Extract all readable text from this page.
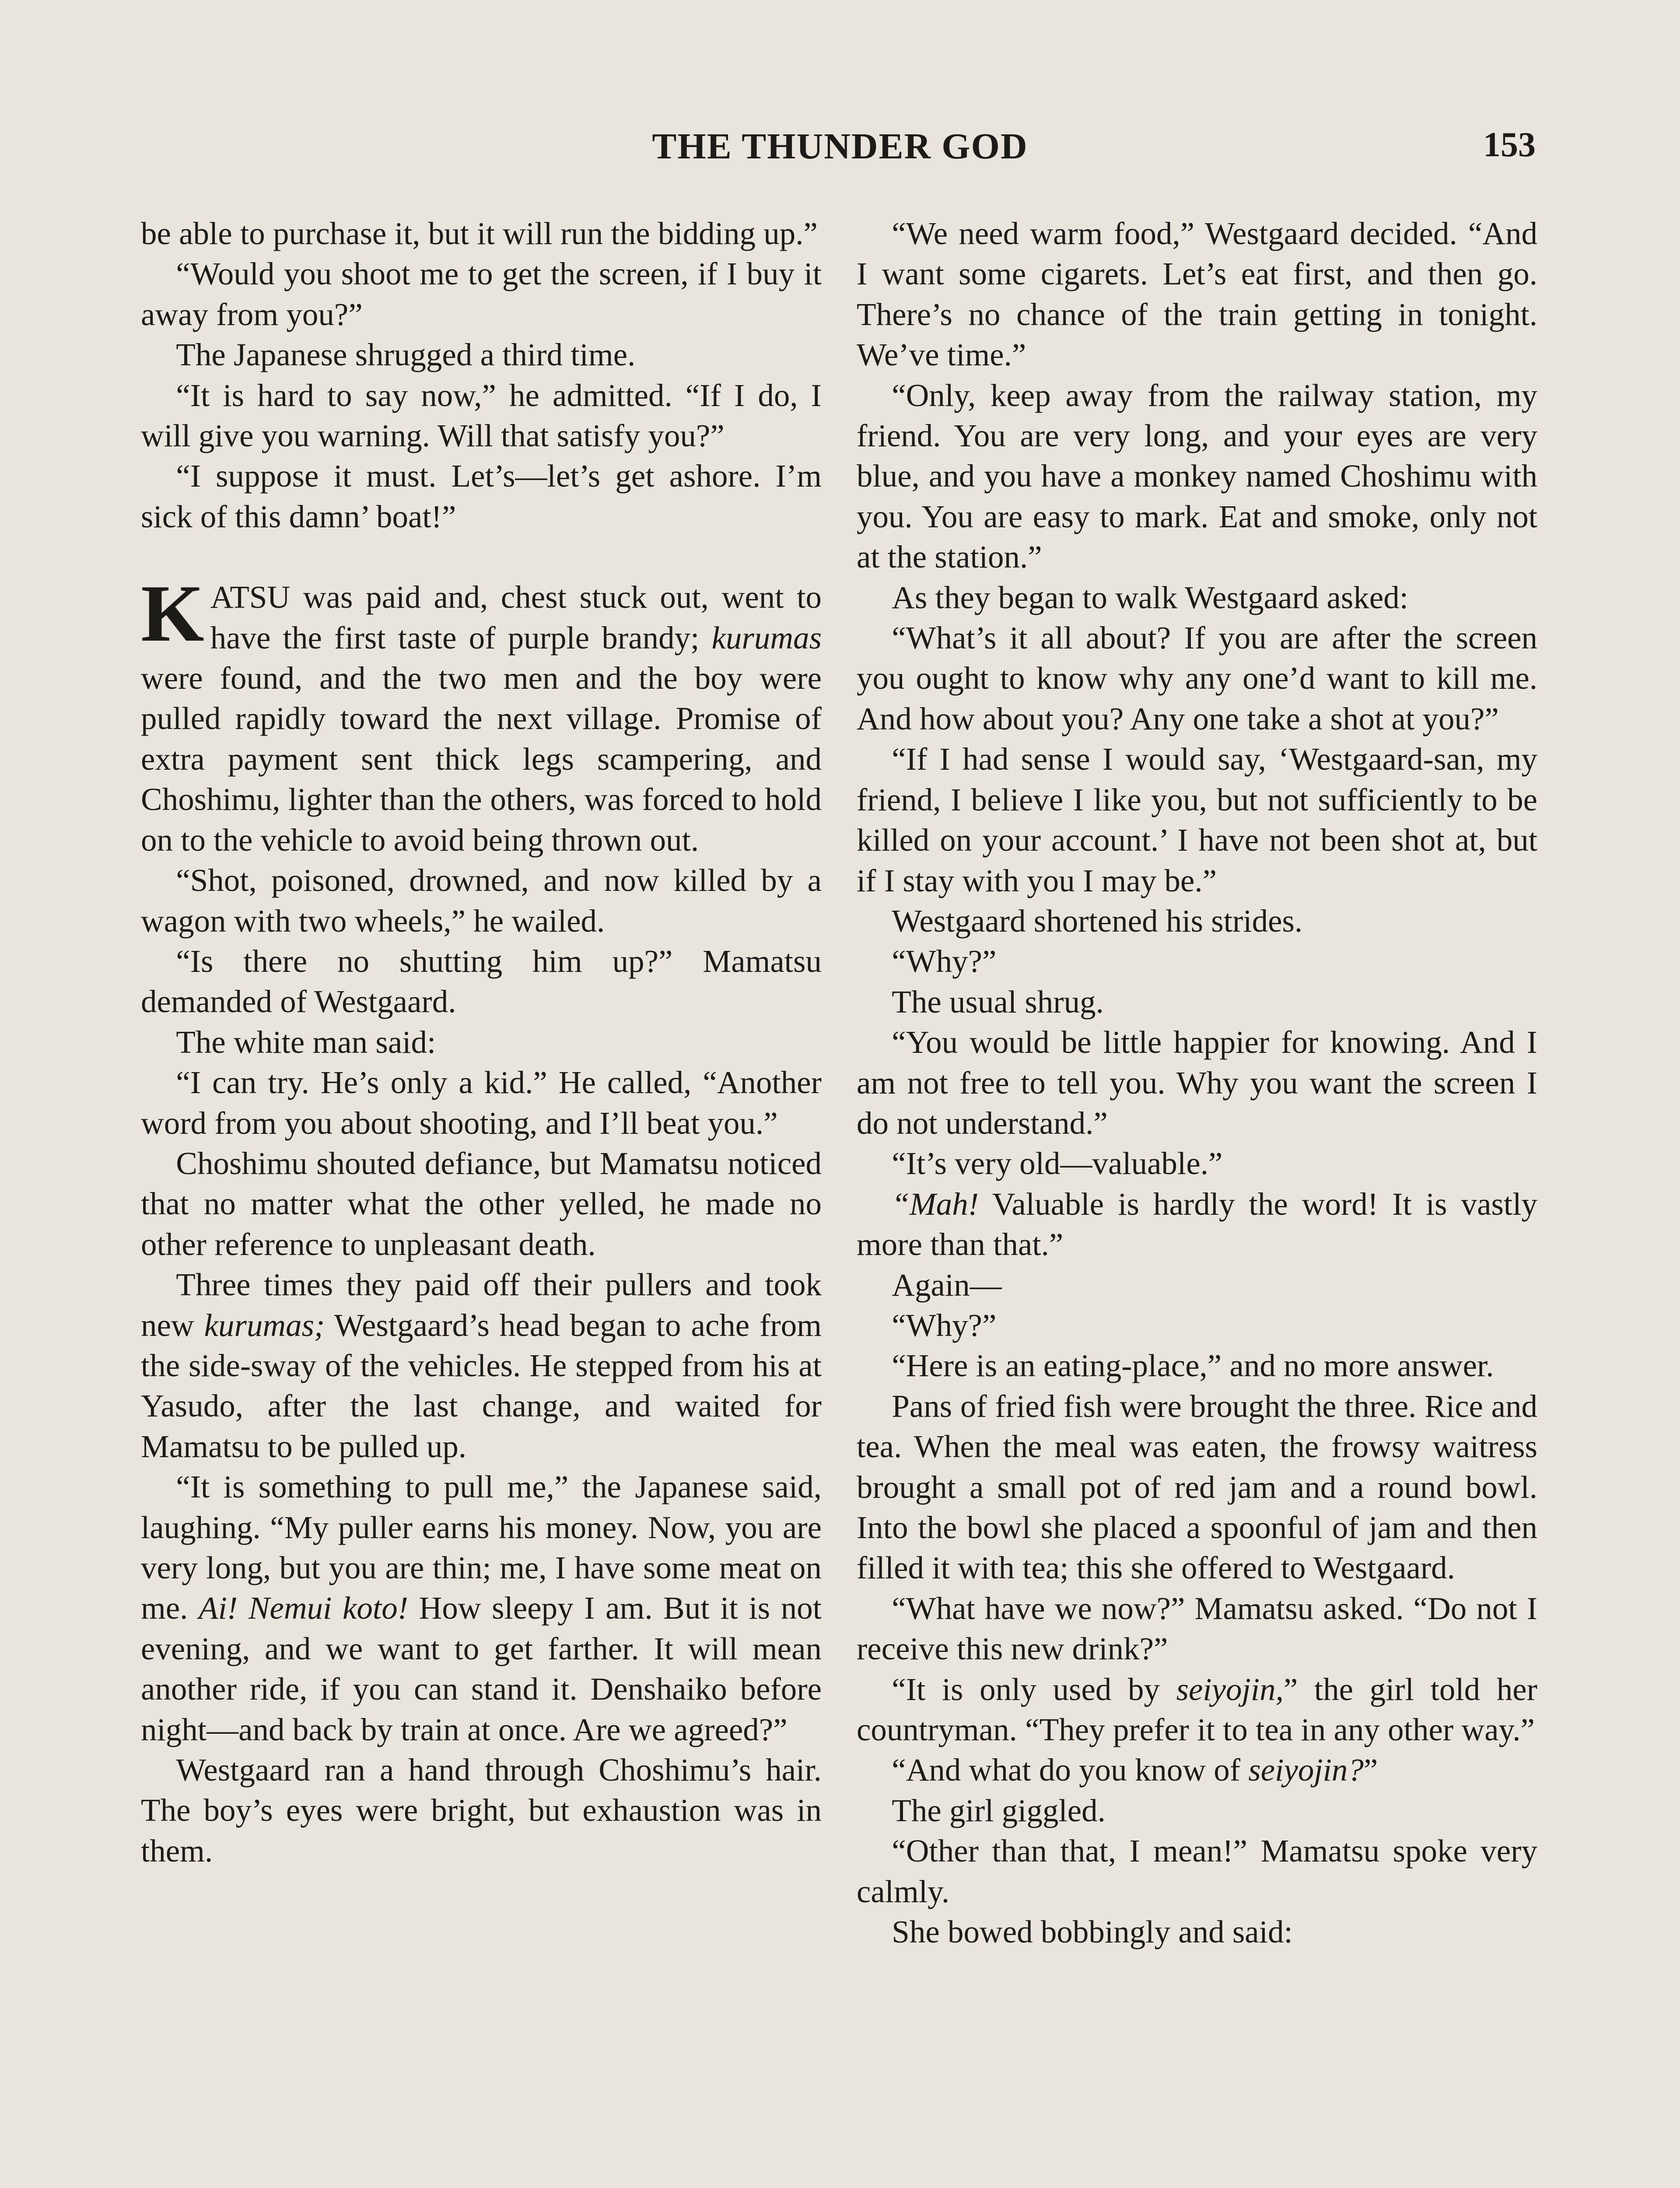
THE THUNDER GOD	153

be able to purchase it, but it will run the bidding up.”

“Would you shoot me to get the screen, if I buy it away from you?”

The Japanese shrugged a third time.

“It is hard to say now,” he admitted. “If I do, I will give you warning. Will that satisfy you?”

“I suppose it must. Let’s—let’s get ashore. I’m sick of this damn’ boat!”

KATSU was paid and, chest stuck out, went to have the first taste of purple brandy; kurumas were found, and the two men and the boy were pulled rapidly toward the next village. Promise of extra payment sent thick legs scampering, and Choshimu, lighter than the others, was forced to hold on to the vehicle to avoid being thrown out.

“Shot, poisoned, drowned, and now killed by a wagon with two wheels,” he wailed.

“Is there no shutting him up?” Mamatsu demanded of Westgaard.

The white man said:

“I can try. He’s only a kid.” He called, “Another word from you about shooting, and I’ll beat you.”

Choshimu shouted defiance, but Mamatsu noticed that no matter what the other yelled, he made no other reference to unpleasant death.

Three times they paid off their pullers and took new kurumas; Westgaard’s head began to ache from the side-sway of the vehicles. He stepped from his at Yasudo, after the last change, and waited for Mamatsu to be pulled up.

“It is something to pull me,” the Japanese said, laughing. “My puller earns his money. Now, you are very long, but you are thin; me, I have some meat on me. Ai! Nemui koto! How sleepy I am. But it is not evening, and we want to get farther. It will mean another ride, if you can stand it. Denshaiko before night—and back by train at once. Are we agreed?”

Westgaard ran a hand through Choshimu’s hair. The boy’s eyes were bright, but exhaustion was in them.

“We need warm food,” Westgaard decided. “And I want some cigarets. Let’s eat first, and then go. There’s no chance of the train getting in tonight. We’ve time.”

“Only, keep away from the railway station, my friend. You are very long, and your eyes are very blue, and you have a monkey named Choshimu with you. You are easy to mark. Eat and smoke, only not at the station.”

As they began to walk Westgaard asked:

“What’s it all about? If you are after the screen you ought to know why any one’d want to kill me. And how about you? Any one take a shot at you?”

“If I had sense I would say, ‘Westgaard-san, my friend, I believe I like you, but not sufficiently to be killed on your account.’ I have not been shot at, but if I stay with you I may be.”

Westgaard shortened his strides.

“Why?”

The usual shrug.

“You would be little happier for knowing. And I am not free to tell you. Why you want the screen I do not understand.”

“It’s very old—valuable.”

“Mah! Valuable is hardly the word! It is vastly more than that.”

Again—

“Why?”

“Here is an eating-place,” and no more answer.

Pans of fried fish were brought the three. Rice and tea. When the meal was eaten, the frowsy waitress brought a small pot of red jam and a round bowl. Into the bowl she placed a spoonful of jam and then filled it with tea; this she offered to Westgaard.

“What have we now?” Mamatsu asked. “Do not I receive this new drink?”

“It is only used by seiyojin,” the girl told her countryman. “They prefer it to tea in any other way.”

“And what do you know of seiyojin?”

The girl giggled.

“Other than that, I mean!” Mamatsu spoke very calmly.

She bowed bobbingly and said:
